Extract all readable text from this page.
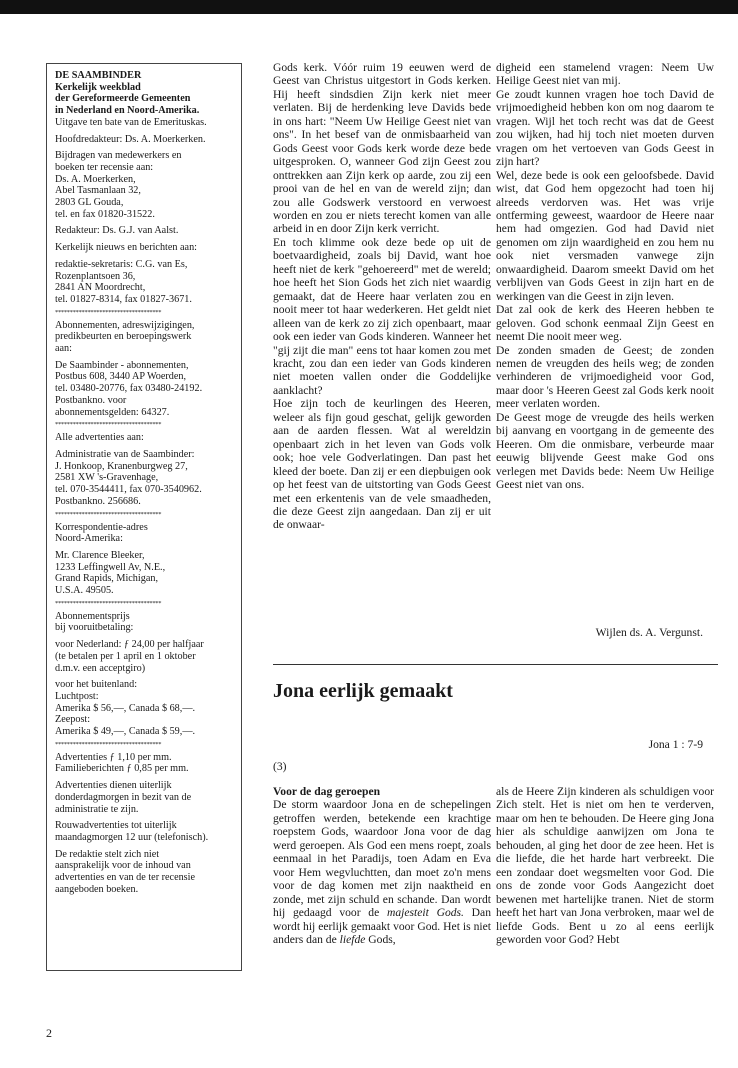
DE SAAMBINDER

Kerkelijk weekblad

der Gereformeerde Gemeenten

in Nederland en Noord-Amerika.

Uitgave ten bate van de Emerituskas.

Hoofdredakteur: Ds. A. Moerkerken.

Bijdragen van medewerkers en
boeken ter recensie aan:
Ds. A. Moerkerken,
Abel Tasmanlaan 32,
2803 GL Gouda,
tel. en fax 01820-31522.

Redakteur: Ds. G.J. van Aalst.

Kerkelijk nieuws en berichten aan:

redaktie-sekretaris: C.G. van Es,
Rozenplantsoen 36,
2841 AN Moordrecht,
tel. 01827-8314, fax 01827-3671.

************************************

Abonnementen, adreswijzigingen,
predikbeurten en beroepingswerk
aan:

De Saambinder - abonnementen,
Postbus 608, 3440 AP Woerden,
tel. 03480-20776, fax 03480-24192.
Postbankno. voor
abonnementsgelden: 64327.

************************************

Alle advertenties aan:

Administratie van de Saambinder:
J. Honkoop, Kranenburgweg 27,
2581 XW 's-Gravenhage,
tel. 070-3544411, fax 070-3540962.
Postbankno. 256686.

************************************

Korrespondentie-adres
Noord-Amerika:

Mr. Clarence Bleeker,
1233 Leffingwell Av, N.E.,
Grand Rapids, Michigan,
U.S.A. 49505.

************************************

Abonnementsprijs
bij vooruitbetaling:

voor Nederland: ƒ 24,00 per halfjaar
(te betalen per 1 april en 1 oktober
d.m.v. een acceptgiro)

voor het buitenland:
Luchtpost:
Amerika $ 56,—, Canada $ 68,—.
Zeepost:
Amerika $ 49,—, Canada $ 59,—.

************************************

Advertenties ƒ 1,10 per mm.
Familieberichten ƒ 0,85 per mm.

Advertenties dienen uiterlijk
donderdagmorgen in bezit van de
administratie te zijn.

Rouwadvertenties tot uiterlijk
maandagmorgen 12 uur (telefonisch).

De redaktie stelt zich niet
aansprakelijk voor de inhoud van
advertenties en van de ter recensie
aangeboden boeken.

Gods kerk. Vóór ruim 19 eeuwen werd de Geest van Christus uitgestort in Gods kerken. Hij heeft sindsdien Zijn kerk niet meer verlaten. Bij de herdenking leve Davids bede in ons hart: "Neem Uw Heilige Geest niet van ons". In het besef van de onmisbaarheid van Gods Geest voor Gods kerk worde deze bede uitgesproken. O, wanneer God zijn Geest zou onttrekken aan Zijn kerk op aarde, zou zij een prooi van de hel en van de wereld zijn; dan zou alle Godswerk verstoord en verwoest worden en zou er niets terecht komen van alle arbeid in en door Zijn kerk verricht.

En toch klimme ook deze bede op uit de boetvaardigheid, zoals bij David, want hoe heeft niet de kerk "gehoereerd" met de wereld; hoe heeft het Sion Gods het zich niet waardig gemaakt, dat de Heere haar verlaten zou en nooit meer tot haar wederkeren. Het geldt niet alleen van de kerk zo zij zich openbaart, maar ook een ieder van Gods kinderen. Wanneer het "gij zijt die man" eens tot haar komen zou met kracht, zou dan een ieder van Gods kinderen niet moeten vallen onder die Goddelijke aanklacht?

Hoe zijn toch de keurlingen des Heeren, weleer als fijn goud geschat, gelijk geworden aan de aarden flessen. Wat al wereldzin openbaart zich in het leven van Gods volk ook; hoe vele Godverlatingen. Dan past het kleed der boete. Dan zij er een diepbuigen ook op het feest van de uitstorting van Gods Geest met een erkentenis van de vele smaadheden, die deze Geest zijn aangedaan. Dan zij er uit de onwaar-

digheid een stamelend vragen: Neem Uw Heilige Geest niet van mij.

Ge zoudt kunnen vragen hoe toch David de vrijmoedigheid hebben kon om nog daarom te vragen. Wijl het toch recht was dat de Geest zou wijken, had hij toch niet moeten durven vragen om het vertoeven van Gods Geest in zijn hart?

Wel, deze bede is ook een geloofsbede. David wist, dat God hem opgezocht had toen hij alreeds verdorven was. Het was vrije ontferming geweest, waardoor de Heere naar hem had omgezien. God had David niet genomen om zijn waardigheid en zou hem nu ook niet versmaden vanwege zijn onwaardigheid. Daarom smeekt David om het verblijven van Gods Geest in zijn hart en de werkingen van die Geest in zijn leven.

Dat zal ook de kerk des Heeren hebben te geloven. God schonk eenmaal Zijn Geest en neemt Die nooit meer weg.

De zonden smaden de Geest; de zonden nemen de vreugden des heils weg; de zonden verhinderen de vrijmoedigheid voor God, maar door 's Heeren Geest zal Gods kerk nooit meer verlaten worden.

De Geest moge de vreugde des heils werken bij aanvang en voortgang in de gemeente des Heeren. Om die onmisbare, verbeurde maar eeuwig blijvende Geest make God ons verlegen met Davids bede: Neem Uw Heilige Geest niet van ons.

Wijlen ds. A. Vergunst.
Jona eerlijk gemaakt
Jona 1 : 7-9
(3)
Voor de dag geroepen

De storm waardoor Jona en de schepelingen getroffen werden, betekende een krachtige roepstem Gods, waardoor Jona voor de dag werd geroepen. Als God een mens roept, zoals eenmaal in het Paradijs, toen Adam en Eva voor Hem wegvluchtten, dan moet zo'n mens voor de dag komen met zijn naaktheid en zonde, met zijn schuld en schande. Dan wordt hij gedaagd voor de majesteit Gods. Dan wordt hij eerlijk gemaakt voor God. Het is niet anders dan de liefde Gods,

als de Heere Zijn kinderen als schuldigen voor Zich stelt. Het is niet om hen te verderven, maar om hen te behouden. De Heere ging Jona hier als schuldige aanwijzen om Jona te behouden, al ging het door de zee heen. Het is die liefde, die het harde hart verbreekt. Die een zondaar doet wegsmelten voor God. Die ons de zonde voor Gods Aangezicht doet bewenen met hartelijke tranen. Niet de storm heeft het hart van Jona verbroken, maar wel de liefde Gods. Bent u zo al eens eerlijk geworden voor God? Hebt

2
